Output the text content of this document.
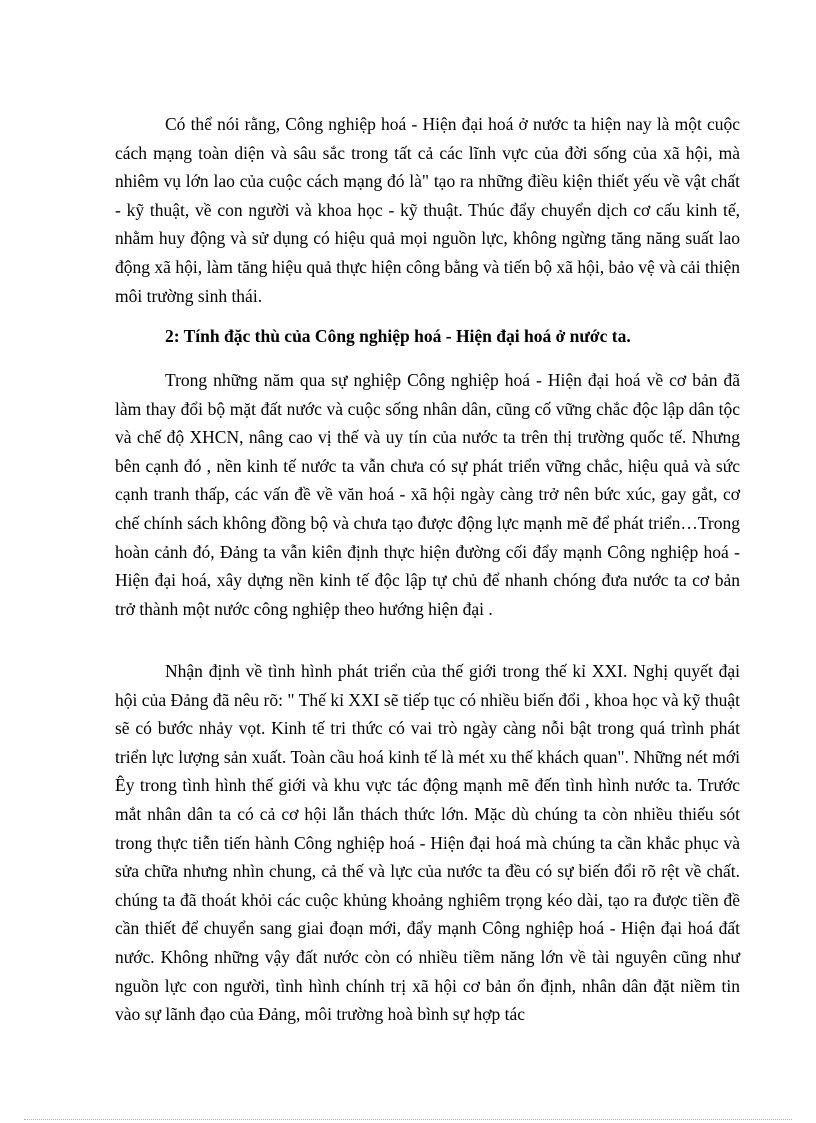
Có thể nói rằng, Công nghiệp hoá - Hiện đại hoá ở nước ta hiện nay là một cuộc cách mạng toàn diện và sâu sắc trong tất cả các lĩnh vực của đời sống của xã hội, mà nhiêm vụ lớn lao của cuộc cách mạng đó là" tạo ra những điều kiện thiết yếu về vật chất - kỹ thuật, về con người và khoa học - kỹ thuật. Thúc đẩy chuyển dịch cơ cấu kinh tế, nhằm huy động và sử dụng có hiệu quả mọi nguồn lực, không ngừng tăng năng suất lao động xã hội, làm tăng hiệu quả thực hiện công bằng và tiến bộ xã hội, bảo vệ và cải thiện môi trường sinh thái.

2: Tính đặc thù của Công nghiệp hoá - Hiện đại hoá ở nước ta.

Trong những năm qua sự nghiệp Công nghiệp hoá - Hiện đại hoá về cơ bản đã làm thay đổi bộ mặt đất nước và cuộc sống nhân dân, cũng cố vững chắc độc lập dân tộc và chế độ XHCN, nâng cao vị thế và uy tín của nước ta trên thị trường quốc tế. Nhưng bên cạnh đó , nền kinh tế nước ta vẫn chưa có sự phát triển vững chắc, hiệu quả và sức cạnh tranh thấp, các vấn đề về văn hoá - xã hội ngày càng trở nên bức xúc, gay gắt, cơ chế chính sách không đồng bộ và chưa tạo được động lực mạnh mẽ để phát triển…Trong hoàn cảnh đó, Đảng ta vẫn kiên định thực hiện đường cối đẩy mạnh Công nghiệp hoá - Hiện đại hoá, xây dựng nền kinh tế độc lập tự chủ để nhanh chóng đưa nước ta cơ bản trở thành một nước công nghiệp theo hướng hiện đại .

Nhận định về tình hình phát triển của thế giới trong thế kỉ XXI. Nghị quyết đại hội của Đảng đã nêu rõ: " Thế kỉ XXI sẽ tiếp tục có nhiều biến đổi , khoa học và kỹ thuật sẽ có bước nhảy vọt. Kinh tế tri thức có vai trò ngày càng nỗi bật trong quá trình phát triển lực lượng sản xuất. Toàn cầu hoá kinh tế là mét xu thế khách quan". Những nét mới Êy trong tình hình thế giới và khu vực tác động mạnh mẽ đến tình hình nước ta. Trước mắt nhân dân ta có cả cơ hội lẫn thách thức lớn. Mặc dù chúng ta còn nhiều thiếu sót trong thực tiễn tiến hành Công nghiệp hoá - Hiện đại hoá mà chúng ta cần khắc phục và sửa chữa nhưng nhìn chung, cả thế và lực của nước ta đều có sự biến đổi rõ rệt về chất. chúng ta đã thoát khỏi các cuộc khủng khoảng nghiêm trọng kéo dài, tạo ra được tiền đề cần thiết để chuyển sang giai đoạn mới, đẩy mạnh Công nghiệp hoá - Hiện đại hoá đất nước. Không những vậy đất nước còn có nhiều tiềm năng lớn về tài nguyên cũng như nguồn lực con người, tình hình chính trị xã hội cơ bản ổn định, nhân dân đặt niềm tin vào sự lãnh đạo của Đảng, môi trường hoà bình sự hợp tác
